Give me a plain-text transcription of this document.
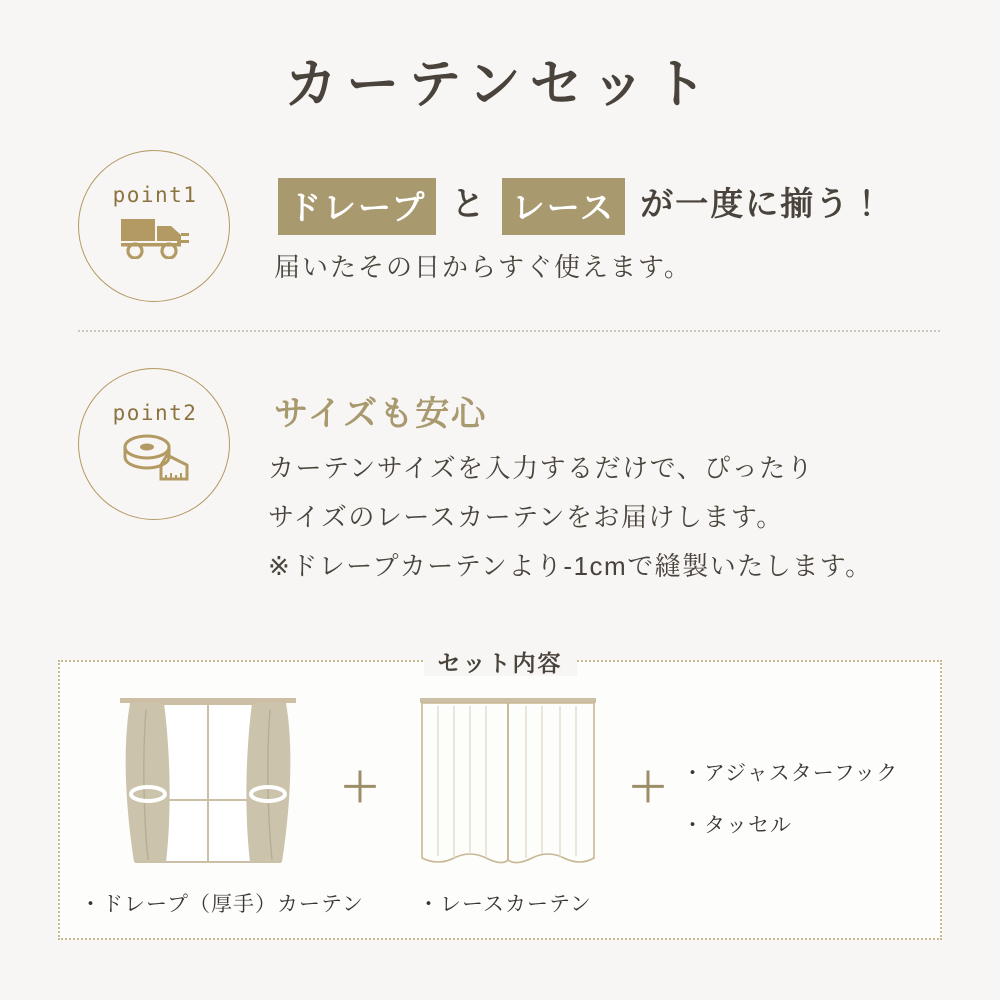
カーテンセット
point1	ドレープ と レース が一度に揃う！
届いたその日からすぐ使えます。
point2	サイズも安心
カーテンサイズを入力するだけで、ぴったり
サイズのレースカーテンをお届けします。
※ドレープカーテンより-1cmで縫製いたします。
セット内容
＋	＋
・ドレープ（厚手）カーテン	・レースカーテン
・アジャスターフック
・タッセル
